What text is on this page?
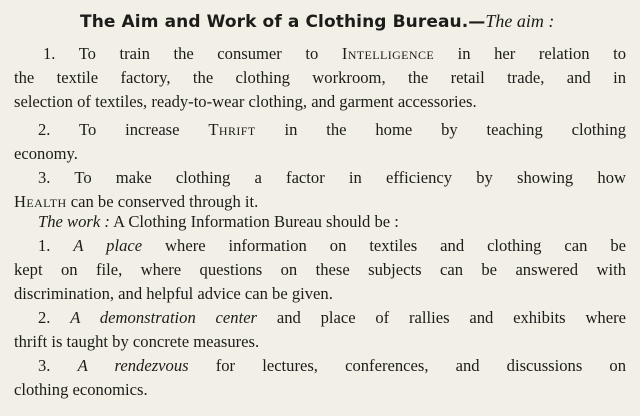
The Aim and Work of a Clothing Bureau.—The aim :
1. To train the consumer to Intelligence in her relation to
the textile factory, the clothing workroom, the retail trade, and in
selection of textiles, ready-to-wear clothing, and garment accessories.
2. To increase Thrift in the home by teaching clothing
economy.
3. To make clothing a factor in efficiency by showing how
Health can be conserved through it.
The work : A Clothing Information Bureau should be :
1. A place where information on textiles and clothing can be
kept on file, where questions on these subjects can be answered with
discrimination, and helpful advice can be given.
2. A demonstration center and place of rallies and exhibits where
thrift is taught by concrete measures.
3. A rendezvous for lectures, conferences, and discussions on
clothing economics.
